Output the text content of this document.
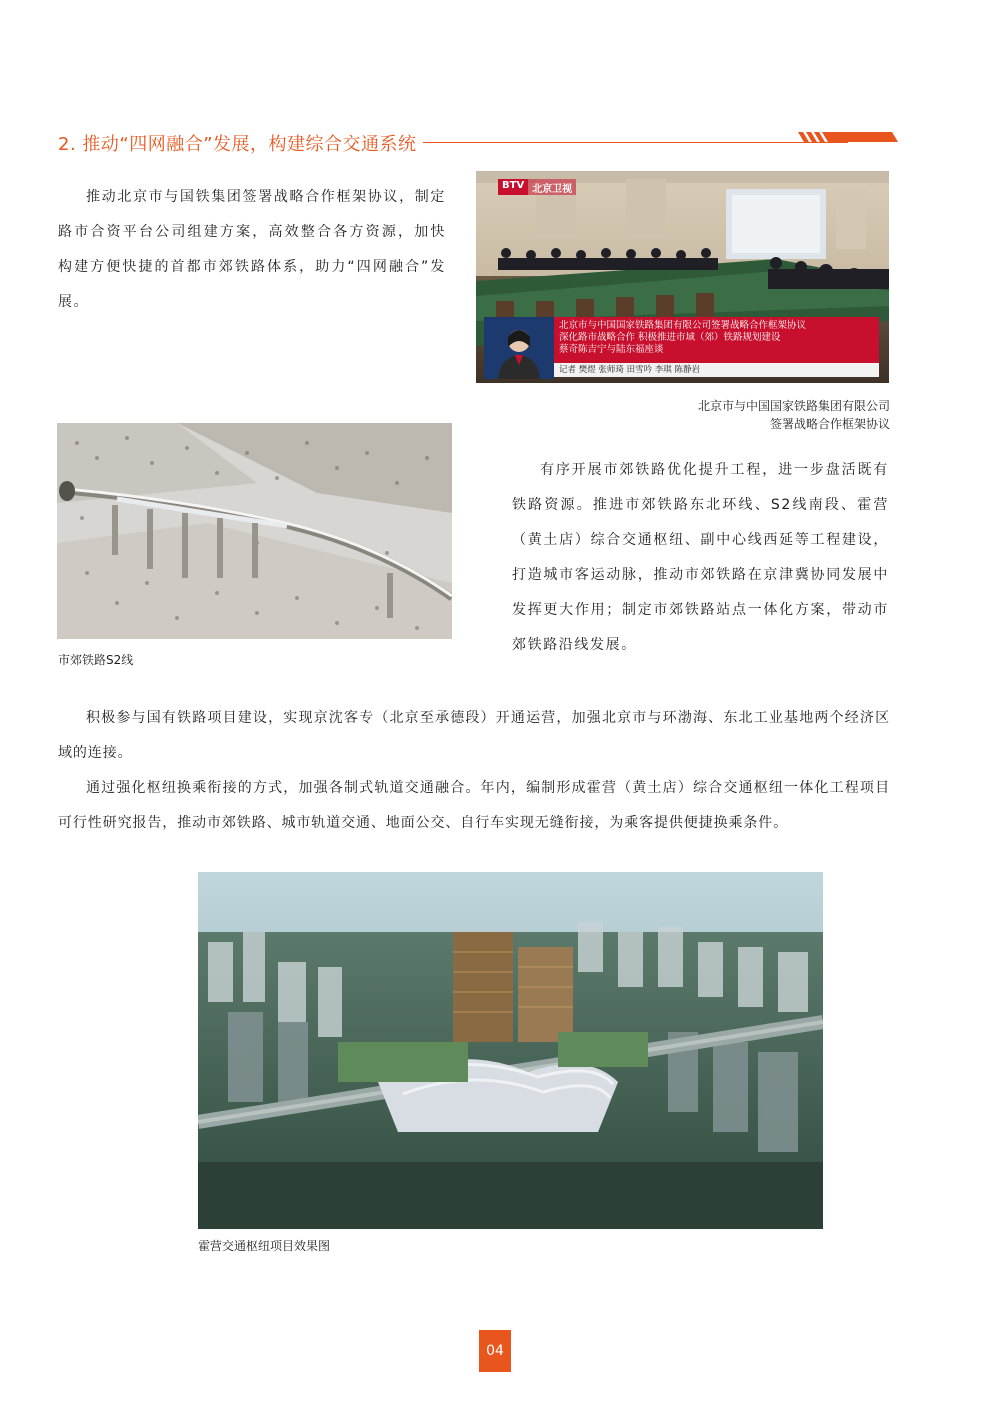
2. 推动“四网融合”发展，构建综合交通系统

推动北京市与国铁集团签署战略合作框架协议，制定路市合资平台公司组建方案，高效整合各方资源，加快构建方便快捷的首都市郊铁路体系，助力“四网融合”发展。

BTV 北京卫视
北京市与中国国家铁路集团有限公司签署战略合作框架协议
深化路市战略合作 积极推进市域（郊）铁路规划建设
蔡奇陈吉宁与陆东福座谈
记者 樊煜 张师琦 田雪吟 李琪 陈静岩
北京市与中国国家铁路集团有限公司
签署战略合作框架协议
市郊铁路S2线

有序开展市郊铁路优化提升工程，进一步盘活既有铁路资源。推进市郊铁路东北环线、S2线南段、霍营（黄土店）综合交通枢纽、副中心线西延等工程建设，打造城市客运动脉，推动市郊铁路在京津冀协同发展中发挥更大作用；制定市郊铁路站点一体化方案，带动市郊铁路沿线发展。

积极参与国有铁路项目建设，实现京沈客专（北京至承德段）开通运营，加强北京市与环渤海、东北工业基地两个经济区域的连接。

通过强化枢纽换乘衔接的方式，加强各制式轨道交通融合。年内，编制形成霍营（黄土店）综合交通枢纽一体化工程项目可行性研究报告，推动市郊铁路、城市轨道交通、地面公交、自行车实现无缝衔接，为乘客提供便捷换乘条件。

霍营交通枢纽项目效果图
04
